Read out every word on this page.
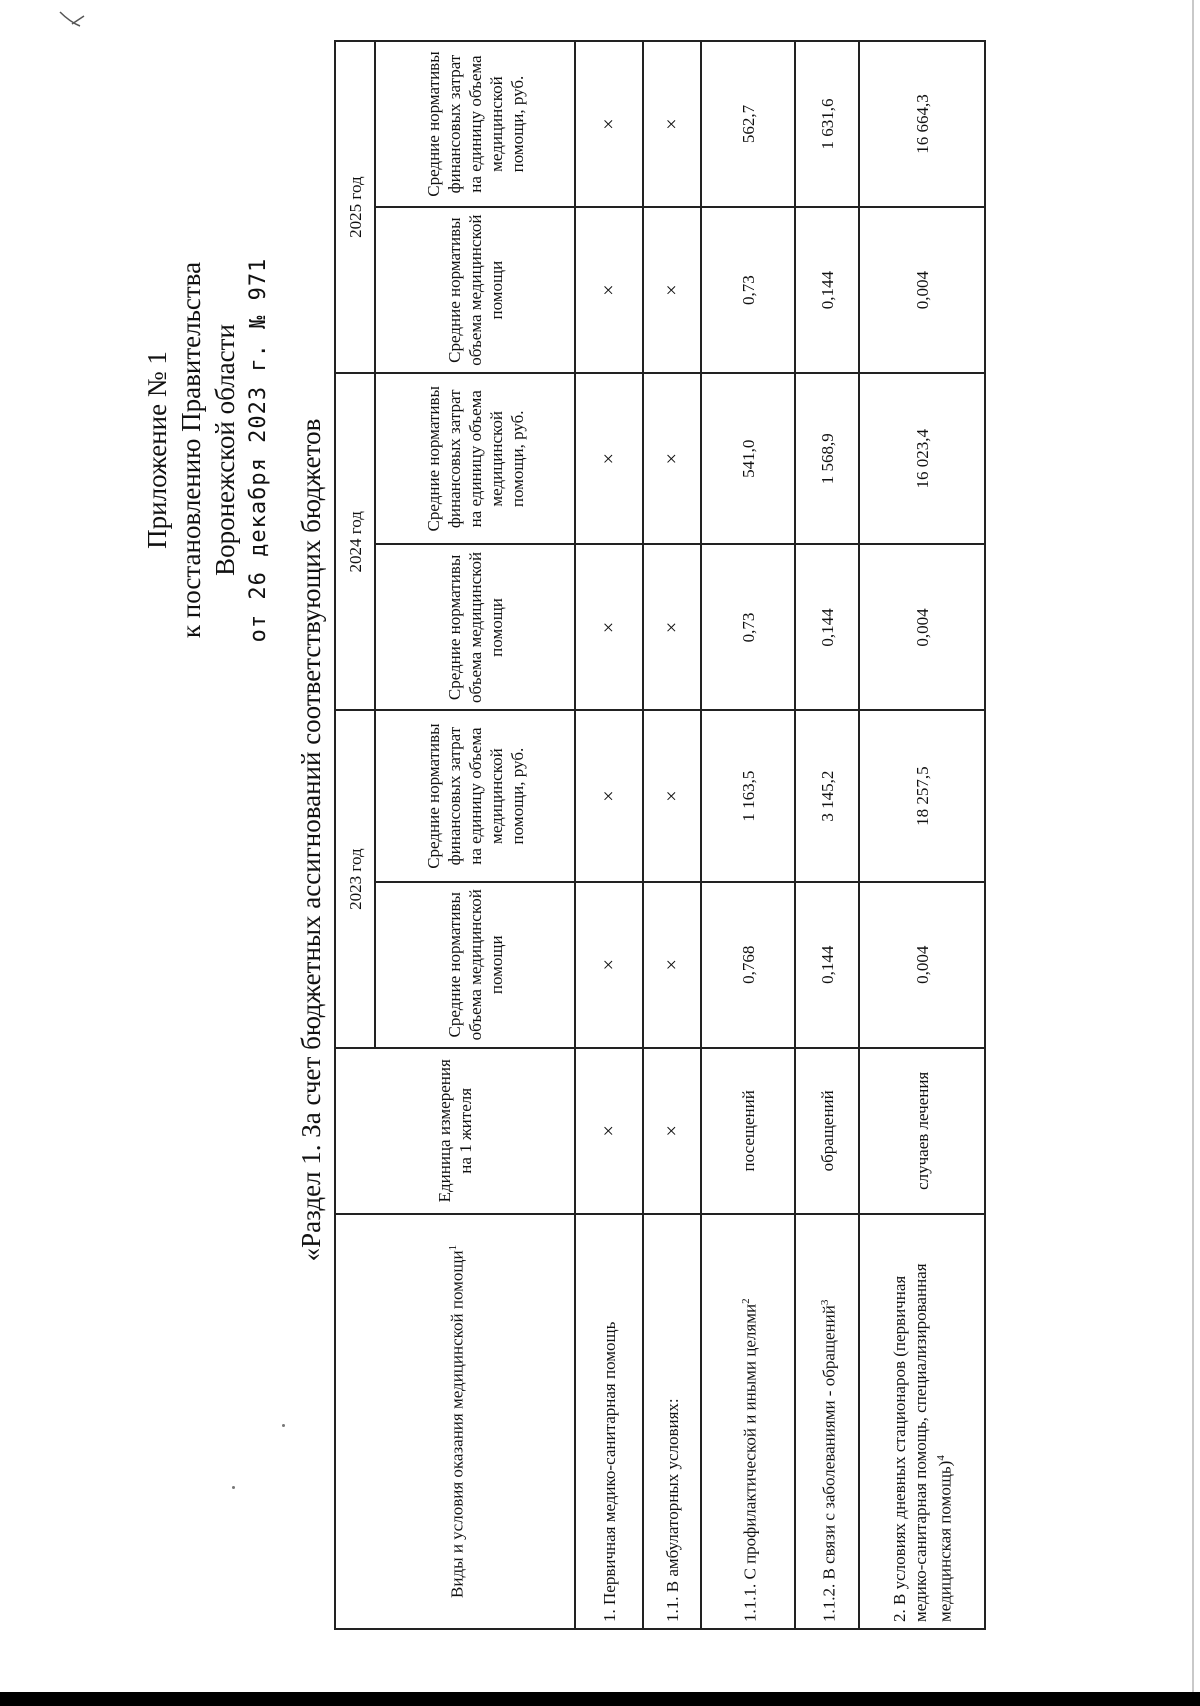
Приложение № 1 к постановлению Правительства Воронежской области от 26 декабря 2023 г. № 971 «Раздел 1. За счет бюджетных ассигнований соответствующих бюджетов
Виды и условия оказания медицинской помощи$^1$	Единица измерения на 1 жителя	2023 год		2024 год		2025 год	
		Средние нормативы объема медицинской помощи	Средние нормативы финансовых затрат на единицу объема медицинской помощи, руб.	Средние нормативы объема медицинской помощи	Средние нормативы финансовых затрат на единицу объема медицинской помощи, руб.	Средние нормативы объема медицинской помощи	Средние нормативы финансовых затрат на единицу объема медицинской помощи, руб.
1. Первичная медико-санитарная помощь	×	×	×	×	×	×	×
1.1. В амбулаторных условиях:	×	×	×	×	×	×	×
1.1.1. С профилактической и иными целями$^2$	посещений	0,768	1 163,5	0,73	541,0	0,73	562,7
1.1.2. В связи с заболеваниями - обращений$^3$	обращений	0,144	3 145,2	0,144	1 568,9	0,144	1 631,6
2. В условиях дневных стационаров (первичная медико-санитарная помощь, специализированная медицинская помощь)$^4$	случаев лечения	0,004	18 257,5	0,004	16 023,4	0,004	16 664,3
